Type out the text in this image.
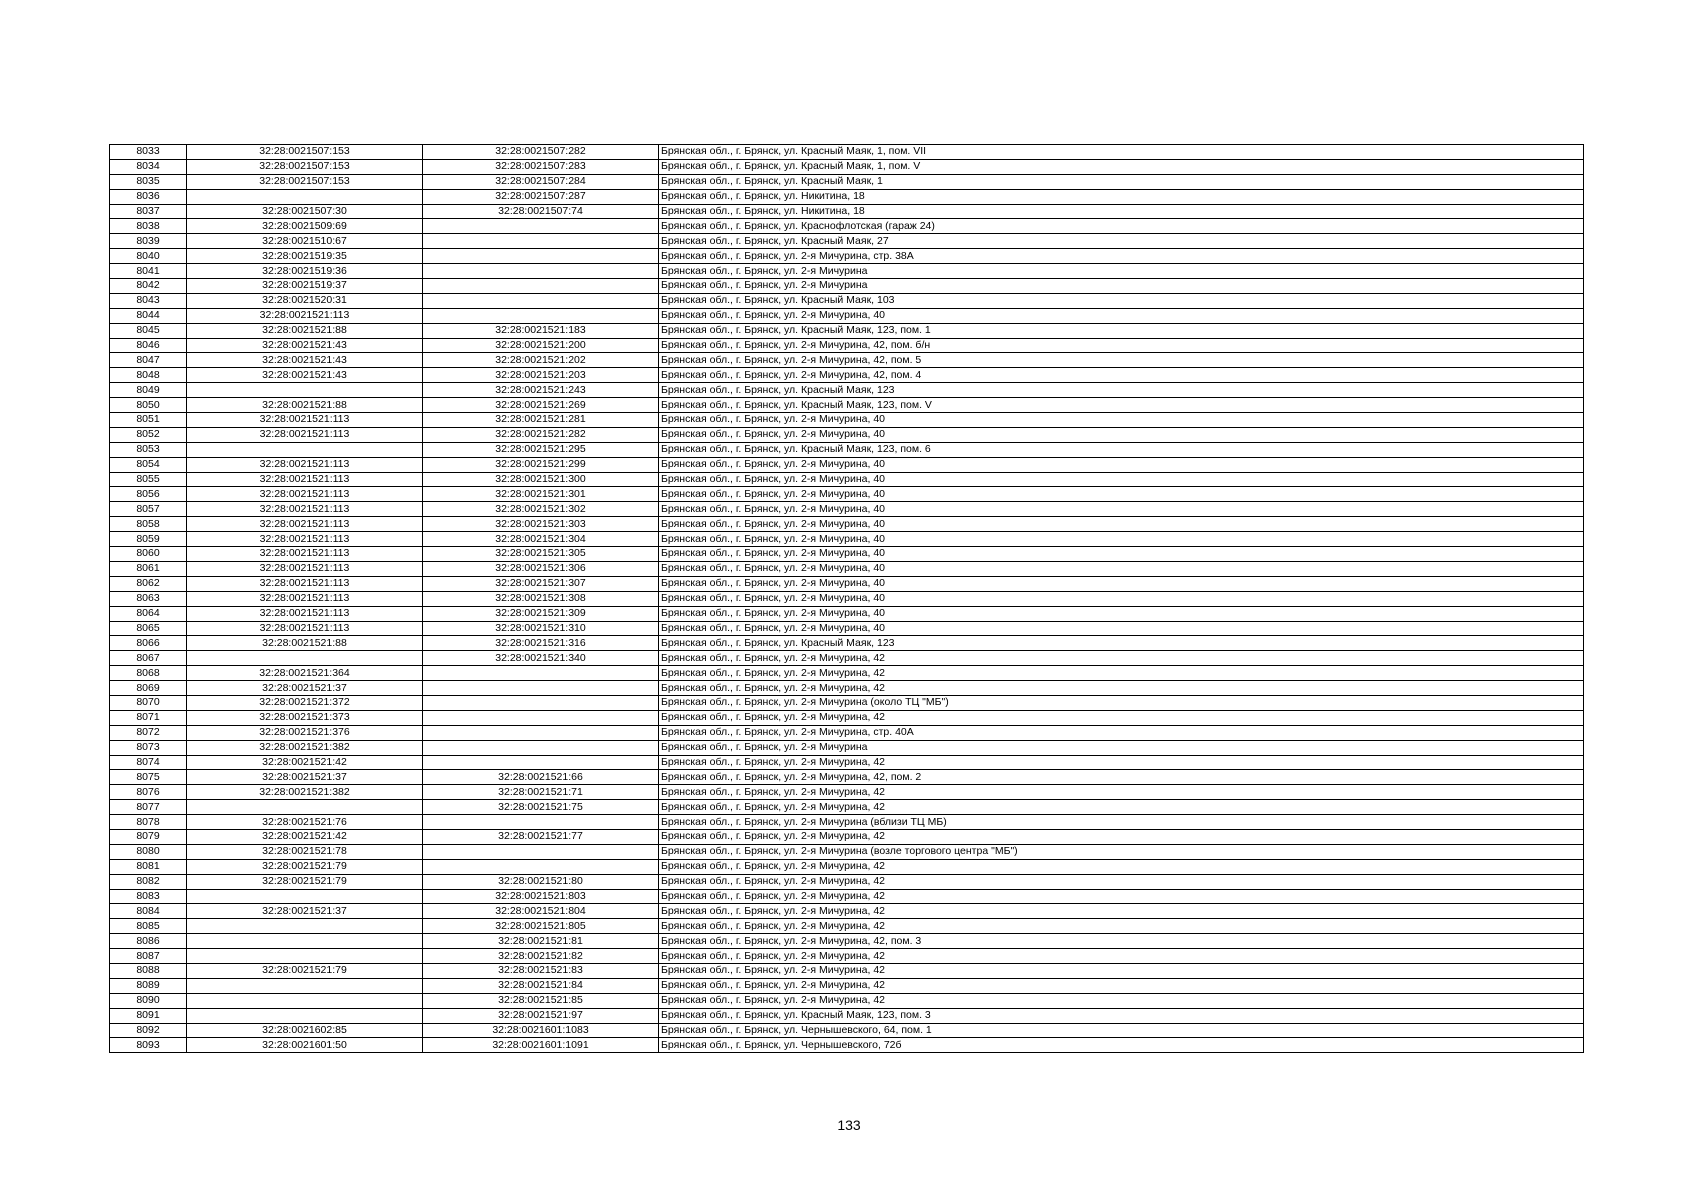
8033	32:28:0021507:153	32:28:0021507:282	Брянская обл., г. Брянск, ул. Красный Маяк, 1, пом. VII
8034	32:28:0021507:153	32:28:0021507:283	Брянская обл., г. Брянск, ул. Красный Маяк, 1, пом. V
8035	32:28:0021507:153	32:28:0021507:284	Брянская обл., г. Брянск, ул. Красный Маяк, 1
8036		32:28:0021507:287	Брянская обл., г. Брянск, ул. Никитина, 18
8037	32:28:0021507:30	32:28:0021507:74	Брянская обл., г. Брянск, ул. Никитина, 18
8038	32:28:0021509:69		Брянская обл., г. Брянск, ул. Краснофлотская (гараж 24)
8039	32:28:0021510:67		Брянская обл., г. Брянск, ул. Красный Маяк, 27
8040	32:28:0021519:35		Брянская обл., г. Брянск, ул. 2-я Мичурина, стр. 38А
8041	32:28:0021519:36		Брянская обл., г. Брянск, ул. 2-я Мичурина
8042	32:28:0021519:37		Брянская обл., г. Брянск, ул. 2-я Мичурина
8043	32:28:0021520:31		Брянская обл., г. Брянск, ул. Красный Маяк, 103
8044	32:28:0021521:113		Брянская обл., г. Брянск, ул. 2-я Мичурина, 40
8045	32:28:0021521:88	32:28:0021521:183	Брянская обл., г. Брянск, ул. Красный Маяк, 123, пом. 1
8046	32:28:0021521:43	32:28:0021521:200	Брянская обл., г. Брянск, ул. 2-я Мичурина, 42, пом. б/н
8047	32:28:0021521:43	32:28:0021521:202	Брянская обл., г. Брянск, ул. 2-я Мичурина, 42, пом. 5
8048	32:28:0021521:43	32:28:0021521:203	Брянская обл., г. Брянск, ул. 2-я Мичурина, 42, пом. 4
8049		32:28:0021521:243	Брянская обл., г. Брянск, ул. Красный Маяк, 123
8050	32:28:0021521:88	32:28:0021521:269	Брянская обл., г. Брянск, ул. Красный Маяк, 123, пом. V
8051	32:28:0021521:113	32:28:0021521:281	Брянская обл., г. Брянск, ул. 2-я Мичурина, 40
8052	32:28:0021521:113	32:28:0021521:282	Брянская обл., г. Брянск, ул. 2-я Мичурина, 40
8053		32:28:0021521:295	Брянская обл., г. Брянск, ул. Красный Маяк, 123, пом. 6
8054	32:28:0021521:113	32:28:0021521:299	Брянская обл., г. Брянск, ул. 2-я Мичурина, 40
8055	32:28:0021521:113	32:28:0021521:300	Брянская обл., г. Брянск, ул. 2-я Мичурина, 40
8056	32:28:0021521:113	32:28:0021521:301	Брянская обл., г. Брянск, ул. 2-я Мичурина, 40
8057	32:28:0021521:113	32:28:0021521:302	Брянская обл., г. Брянск, ул. 2-я Мичурина, 40
8058	32:28:0021521:113	32:28:0021521:303	Брянская обл., г. Брянск, ул. 2-я Мичурина, 40
8059	32:28:0021521:113	32:28:0021521:304	Брянская обл., г. Брянск, ул. 2-я Мичурина, 40
8060	32:28:0021521:113	32:28:0021521:305	Брянская обл., г. Брянск, ул. 2-я Мичурина, 40
8061	32:28:0021521:113	32:28:0021521:306	Брянская обл., г. Брянск, ул. 2-я Мичурина, 40
8062	32:28:0021521:113	32:28:0021521:307	Брянская обл., г. Брянск, ул. 2-я Мичурина, 40
8063	32:28:0021521:113	32:28:0021521:308	Брянская обл., г. Брянск, ул. 2-я Мичурина, 40
8064	32:28:0021521:113	32:28:0021521:309	Брянская обл., г. Брянск, ул. 2-я Мичурина, 40
8065	32:28:0021521:113	32:28:0021521:310	Брянская обл., г. Брянск, ул. 2-я Мичурина, 40
8066	32:28:0021521:88	32:28:0021521:316	Брянская обл., г. Брянск, ул. Красный Маяк, 123
8067		32:28:0021521:340	Брянская обл., г. Брянск, ул. 2-я Мичурина, 42
8068	32:28:0021521:364		Брянская обл., г. Брянск, ул. 2-я Мичурина, 42
8069	32:28:0021521:37		Брянская обл., г. Брянск, ул. 2-я Мичурина, 42
8070	32:28:0021521:372		Брянская обл., г. Брянск, ул. 2-я Мичурина (около ТЦ "МБ")
8071	32:28:0021521:373		Брянская обл., г. Брянск, ул. 2-я Мичурина, 42
8072	32:28:0021521:376		Брянская обл., г. Брянск, ул. 2-я Мичурина, стр. 40А
8073	32:28:0021521:382		Брянская обл., г. Брянск, ул. 2-я Мичурина
8074	32:28:0021521:42		Брянская обл., г. Брянск, ул. 2-я Мичурина, 42
8075	32:28:0021521:37	32:28:0021521:66	Брянская обл., г. Брянск, ул. 2-я Мичурина, 42, пом. 2
8076	32:28:0021521:382	32:28:0021521:71	Брянская обл., г. Брянск, ул. 2-я Мичурина, 42
8077		32:28:0021521:75	Брянская обл., г. Брянск, ул. 2-я Мичурина, 42
8078	32:28:0021521:76		Брянская обл., г. Брянск, ул. 2-я Мичурина (вблизи ТЦ МБ)
8079	32:28:0021521:42	32:28:0021521:77	Брянская обл., г. Брянск, ул. 2-я Мичурина, 42
8080	32:28:0021521:78		Брянская обл., г. Брянск, ул. 2-я Мичурина (возле торгового центра "МБ")
8081	32:28:0021521:79		Брянская обл., г. Брянск, ул. 2-я Мичурина, 42
8082	32:28:0021521:79	32:28:0021521:80	Брянская обл., г. Брянск, ул. 2-я Мичурина, 42
8083		32:28:0021521:803	Брянская обл., г. Брянск, ул. 2-я Мичурина, 42
8084	32:28:0021521:37	32:28:0021521:804	Брянская обл., г. Брянск, ул. 2-я Мичурина, 42
8085		32:28:0021521:805	Брянская обл., г. Брянск, ул. 2-я Мичурина, 42
8086		32:28:0021521:81	Брянская обл., г. Брянск, ул. 2-я Мичурина, 42, пом. 3
8087		32:28:0021521:82	Брянская обл., г. Брянск, ул. 2-я Мичурина, 42
8088	32:28:0021521:79	32:28:0021521:83	Брянская обл., г. Брянск, ул. 2-я Мичурина, 42
8089		32:28:0021521:84	Брянская обл., г. Брянск, ул. 2-я Мичурина, 42
8090		32:28:0021521:85	Брянская обл., г. Брянск, ул. 2-я Мичурина, 42
8091		32:28:0021521:97	Брянская обл., г. Брянск, ул. Красный Маяк, 123, пом. 3
8092	32:28:0021602:85	32:28:0021601:1083	Брянская обл., г. Брянск, ул. Чернышевского, 64, пом. 1
8093	32:28:0021601:50	32:28:0021601:1091	Брянская обл., г. Брянск, ул. Чернышевского, 72б
133
